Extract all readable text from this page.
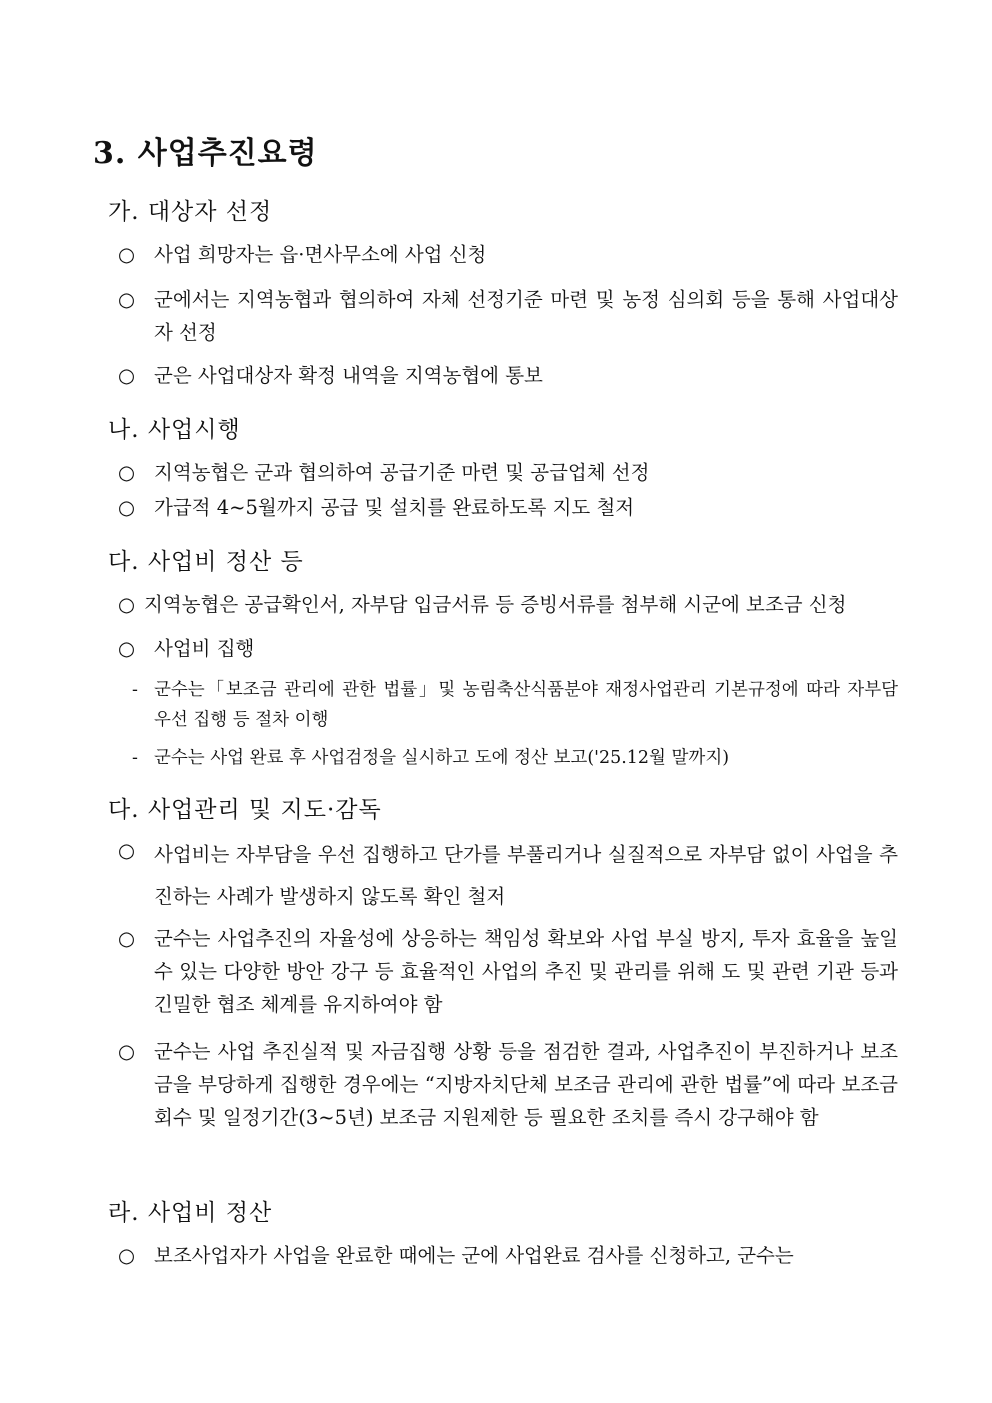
3. 사업추진요령
가. 대상자 선정
○ 사업 희망자는 읍·면사무소에 사업 신청
○ 군에서는 지역농협과 협의하여 자체 선정기준 마련 및 농정 심의회 등을 통해 사업대상자 선정
○ 군은 사업대상자 확정 내역을 지역농협에 통보
나. 사업시행
○ 지역농협은 군과 협의하여 공급기준 마련 및 공급업체 선정
○ 가급적 4~5월까지 공급 및 설치를 완료하도록 지도 철저
다. 사업비 정산 등
○ 지역농협은 공급확인서, 자부담 입금서류 등 증빙서류를 첨부해 시군에 보조금 신청
○ 사업비 집행
- 군수는「보조금 관리에 관한 법률」및 농림축산식품분야 재정사업관리 기본규정에 따라 자부담 우선 집행 등 절차 이행
- 군수는 사업 완료 후 사업검정을 실시하고 도에 정산 보고('25.12월 말까지)
다. 사업관리 및 지도·감독
○ 사업비는 자부담을 우선 집행하고 단가를 부풀리거나 실질적으로 자부담 없이 사업을 추진하는 사례가 발생하지 않도록 확인 철저
○ 군수는 사업추진의 자율성에 상응하는 책임성 확보와 사업 부실 방지, 투자 효율을 높일 수 있는 다양한 방안 강구 등 효율적인 사업의 추진 및 관리를 위해 도 및 관련 기관 등과 긴밀한 협조 체계를 유지하여야 함
○ 군수는 사업 추진실적 및 자금집행 상황 등을 점검한 결과, 사업추진이 부진하거나 보조금을 부당하게 집행한 경우에는 “지방자치단체 보조금 관리에 관한 법률”에 따라 보조금 회수 및 일정기간(3~5년) 보조금 지원제한 등 필요한 조치를 즉시 강구해야 함
라. 사업비 정산
○ 보조사업자가 사업을 완료한 때에는 군에 사업완료 검사를 신청하고, 군수는
